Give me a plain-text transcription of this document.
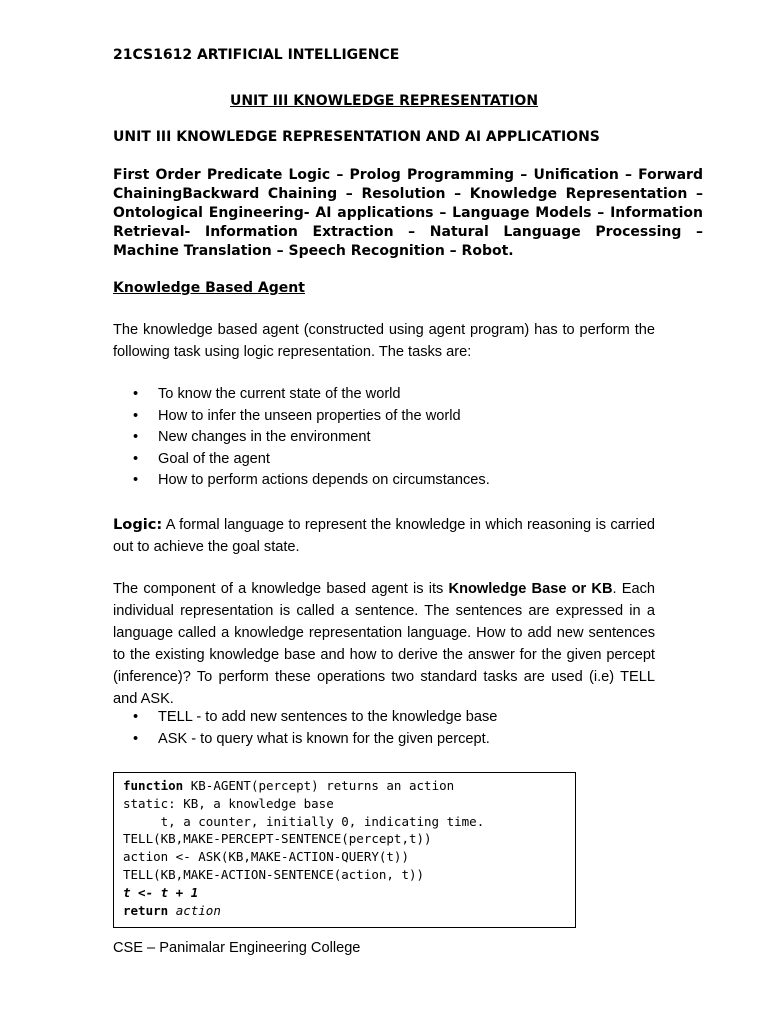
21CS1612 ARTIFICIAL INTELLIGENCE
UNIT III KNOWLEDGE REPRESENTATION
UNIT III KNOWLEDGE REPRESENTATION AND AI APPLICATIONS
First Order Predicate Logic – Prolog Programming – Unification – Forward ChainingBackward Chaining – Resolution – Knowledge Representation – Ontological Engineering- AI applications – Language Models – Information Retrieval- Information Extraction – Natural Language Processing – Machine Translation – Speech Recognition – Robot.
Knowledge Based Agent
The knowledge based agent (constructed using agent program) has to perform the following task using logic representation. The tasks are:
• To know the current state of the world
• How to infer the unseen properties of the world
• New changes in the environment
• Goal of the agent
• How to perform actions depends on circumstances.
Logic: A formal language to represent the knowledge in which reasoning is carried out to achieve the goal state.
The component of a knowledge based agent is its Knowledge Base or KB. Each individual representation is called a sentence. The sentences are expressed in a language called a knowledge representation language. How to add new sentences to the existing knowledge base and how to derive the answer for the given percept (inference)? To perform these operations two standard tasks are used (i.e) TELL and ASK.
• TELL - to add new sentences to the knowledge base
• ASK - to query what is known for the given percept.
function KB-AGENT(percept) returns an action
static: KB, a knowledge base
t, a counter, initially 0, indicating time.
TELL(KB,MAKE-PERCEPT-SENTENCE(percept,t))
action <- ASK(KB,MAKE-ACTION-QUERY(t))
TELL(KB,MAKE-ACTION-SENTENCE(action, t))
t <- t + 1
return action
CSE – Panimalar Engineering College
